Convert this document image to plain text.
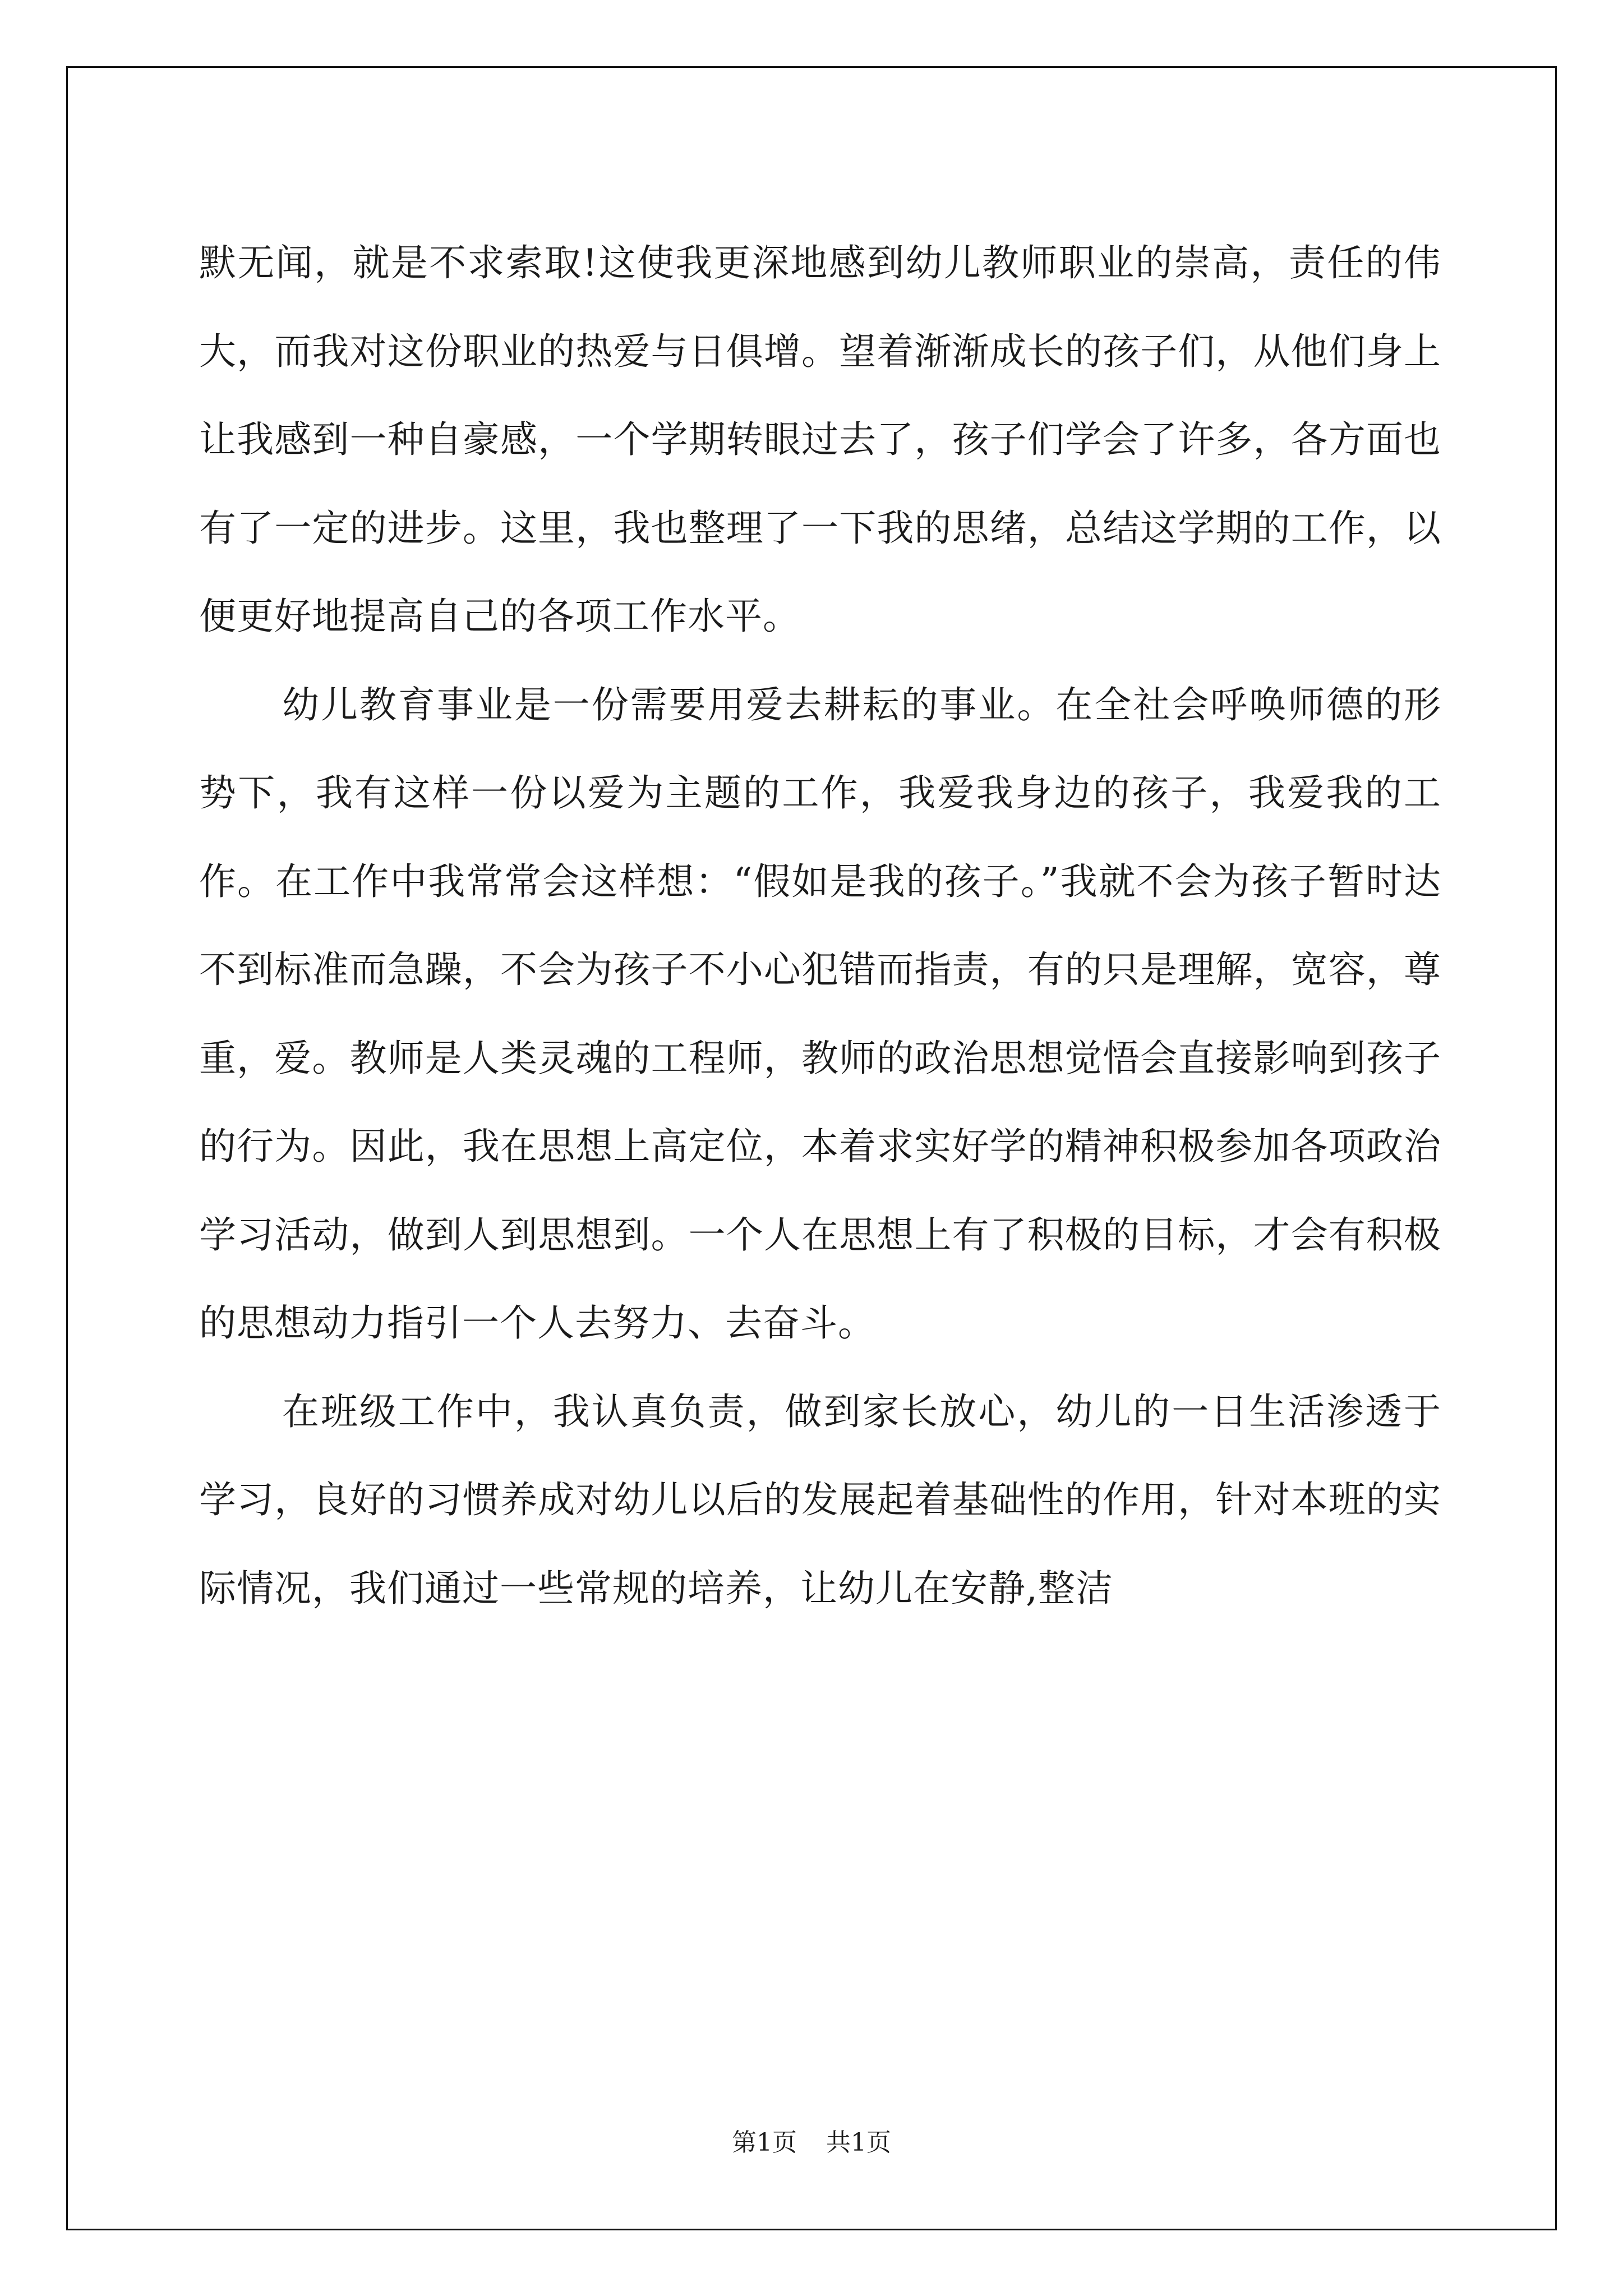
默无闻，就是不求索取!这使我更深地感到幼儿教师职业的崇高，责任的伟大，而我对这份职业的热爱与日俱增。望着渐渐成长的孩子们，从他们身上让我感到一种自豪感，一个学期转眼过去了，孩子们学会了许多，各方面也有了一定的进步。这里，我也整理了一下我的思绪，总结这学期的工作，以便更好地提高自己的各项工作水平。

幼儿教育事业是一份需要用爱去耕耘的事业。在全社会呼唤师德的形势下，我有这样一份以爱为主题的工作，我爱我身边的孩子，我爱我的工作。在工作中我常常会这样想：“假如是我的孩子。”我就不会为孩子暂时达不到标准而急躁，不会为孩子不小心犯错而指责，有的只是理解，宽容，尊重，爱。教师是人类灵魂的工程师，教师的政治思想觉悟会直接影响到孩子的行为。因此，我在思想上高定位，本着求实好学的精神积极参加各项政治学习活动，做到人到思想到。一个人在思想上有了积极的目标，才会有积极的思想动力指引一个人去努力、去奋斗。

在班级工作中，我认真负责，做到家长放心，幼儿的一日生活渗透于学习，良好的习惯养成对幼儿以后的发展起着基础性的作用，针对本班的实际情况，我们通过一些常规的培养，让幼儿在安静,整洁

第1页 共1页
